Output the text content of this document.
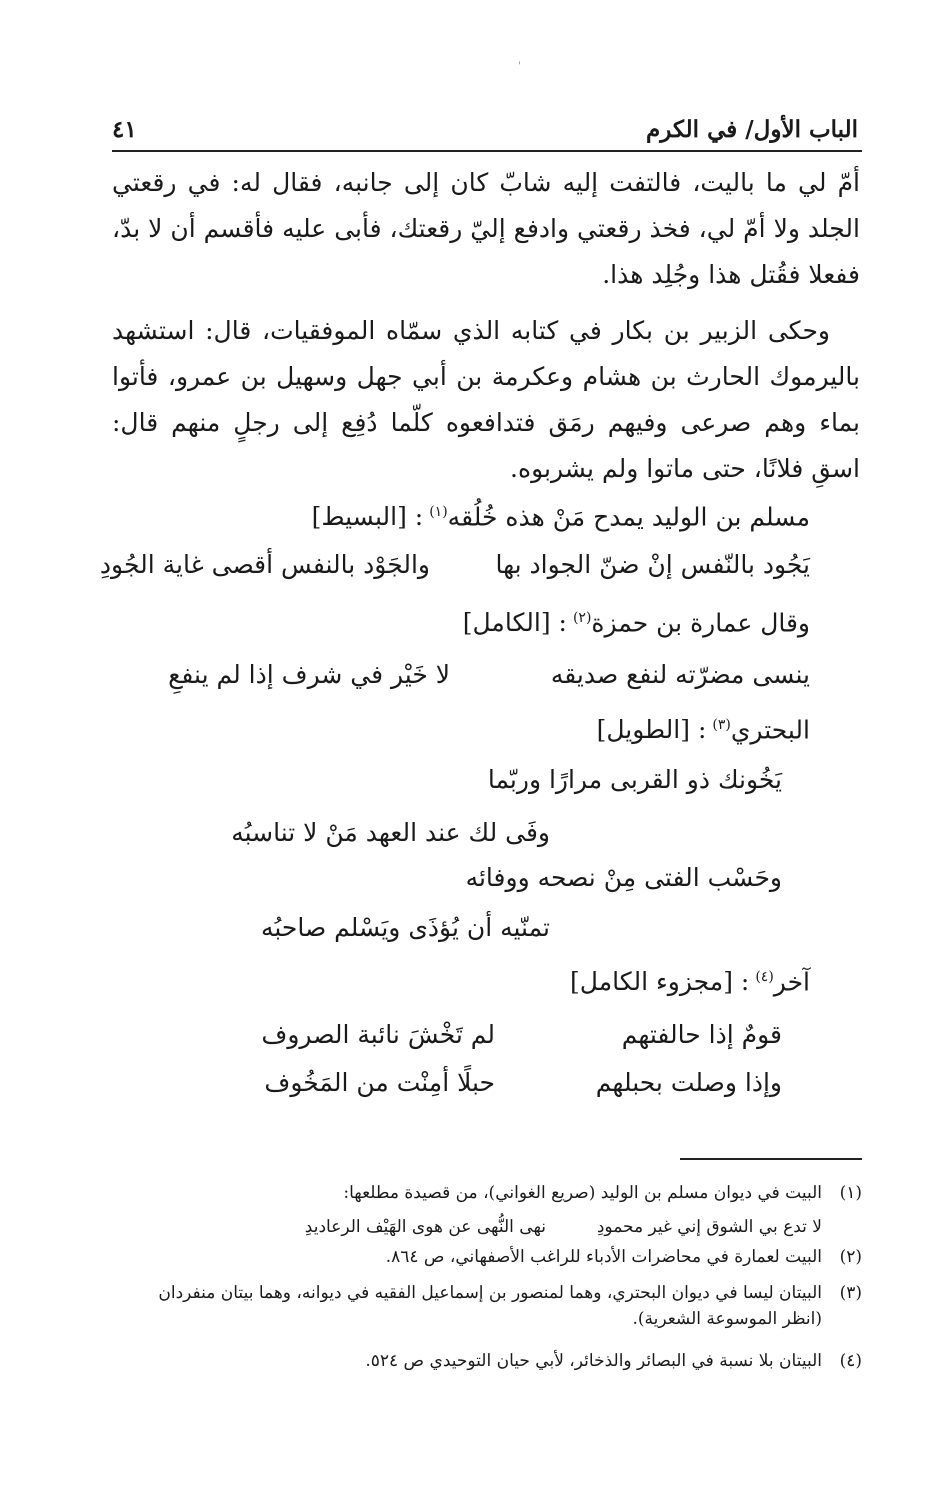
الباب الأول/ في الكرم
٤١
أمّ لي ما باليت، فالتفت إليه شابّ كان إلى جانبه، فقال له: في رقعتي الجلد ولا أمّ لي، فخذ رقعتي وادفع إليّ رقعتك، فأبى عليه فأقسم أن لا بدّ، ففعلا فقُتل هذا وجُلِد هذا.
وحكى الزبير بن بكار في كتابه الذي سمّاه الموفقيات، قال: استشهد باليرموك الحارث بن هشام وعكرمة بن أبي جهل وسهيل بن عمرو، فأتوا بماء وهم صرعى وفيهم رمَق فتدافعوه كلّما دُفِع إلى رجلٍ منهم قال: اسقِ فلانًا، حتى ماتوا ولم يشربوه.
مسلم بن الوليد يمدح مَنْ هذه خُلُقه$^{(١)}$: [البسيط]
يَجُود بالنّفس إنْ ضنّ الجواد بها
والجَوْد بالنفس أقصى غاية الجُودِ
وقال عمارة بن حمزة$^{(٢)}$: [الكامل]
ينسى مضرّته لنفع صديقه
لا خَيْر في شرف إذا لم ينفعِ
البحتري$^{(٣)}$: [الطويل]
يَخُونك ذو القربى مرارًا وربّما
وفَى لك عند العهد مَنْ لا تناسبُه
وحَسْب الفتى مِنْ نصحه ووفائه
تمنّيه أن يُؤذَى ويَسْلم صاحبُه
آخر$^{(٤)}$: [مجزوء الكامل]
قومٌ إذا حالفتهم
لم تَخْشَ نائبة الصروف
وإذا وصلت بحبلهم
حبلًا أمِنْت من المَخُوف
(١)البيت في ديوان مسلم بن الوليد (صريع الغواني)، من قصيدة مطلعها:
لا تدع بي الشوق إني غير محمودِ  نهى النُّهى عن هوى الهَيْف الرعاديدِ
(٢)البيت لعمارة في محاضرات الأدباء للراغب الأصفهاني، ص ٨٦٤.
(٣)البيتان ليسا في ديوان البحتري، وهما لمنصور بن إسماعيل الفقيه في ديوانه، وهما بيتان منفردان
(انظر الموسوعة الشعرية).
(٤)البيتان بلا نسبة في البصائر والذخائر، لأبي حيان التوحيدي ص ٥٢٤.
'
